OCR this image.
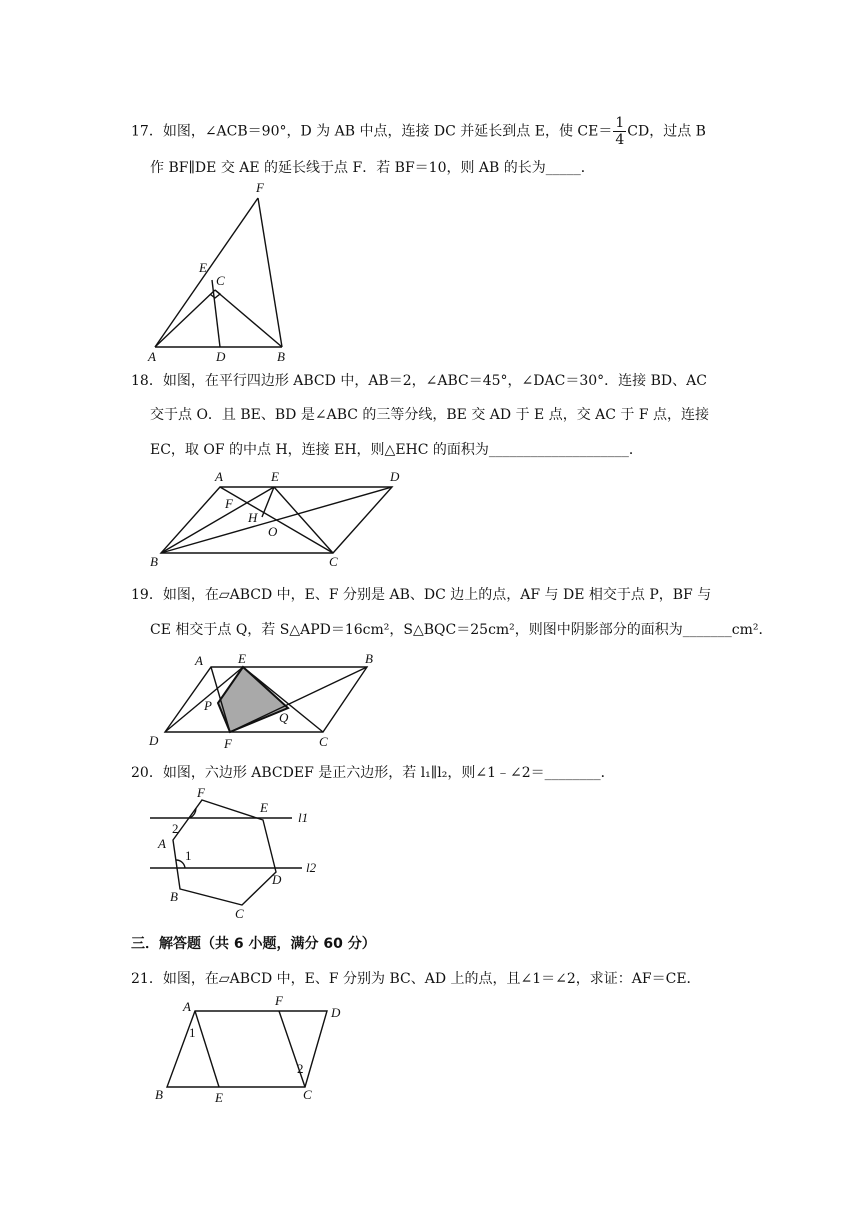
17．如图，∠ACB＝90°，D 为 AB 中点，连接 DC 并延长到点 E，使 $CE= \frac{1}{4}$ CD，过点 B
作 BF∥DE 交 AE 的延长线于点 F．若 BF＝10，则 AB 的长为_____．
F
E
C
A	D	B
18．如图，在平行四边形 ABCD 中，AB＝2，∠ABC＝45°，∠DAC＝30°．连接 BD、AC
交于点 O．且 BE、BD 是∠ABC 的三等分线，BE 交 AD 于 E 点，交 AC 于 F 点，连接
EC，取 OF 的中点 H，连接 EH，则△EHC 的面积为____________________．
A	E	D
F
H
O
B	C
19．如图，在▱ABCD 中，E、F 分别是 AB、DC 边上的点，AF 与 DE 相交于点 P，BF 与
CE 相交于点 Q，若 S△APD＝16cm²，S△BQC＝25cm²，则图中阴影部分的面积为_______cm²．
A	E	B
P
Q
D	F	C
20．如图，六边形 ABCDEF 是正六边形，若 l₁∥l₂，则∠1﹣∠2＝________．
F
E
l1
2
A
1
l2
D
B
C
三．解答题（共 6 小题，满分 60 分）
21．如图，在▱ABCD 中，E、F 分别为 BC、AD 上的点，且∠1＝∠2，求证：AF＝CE．
A	F
D
1
2
B	E	C
